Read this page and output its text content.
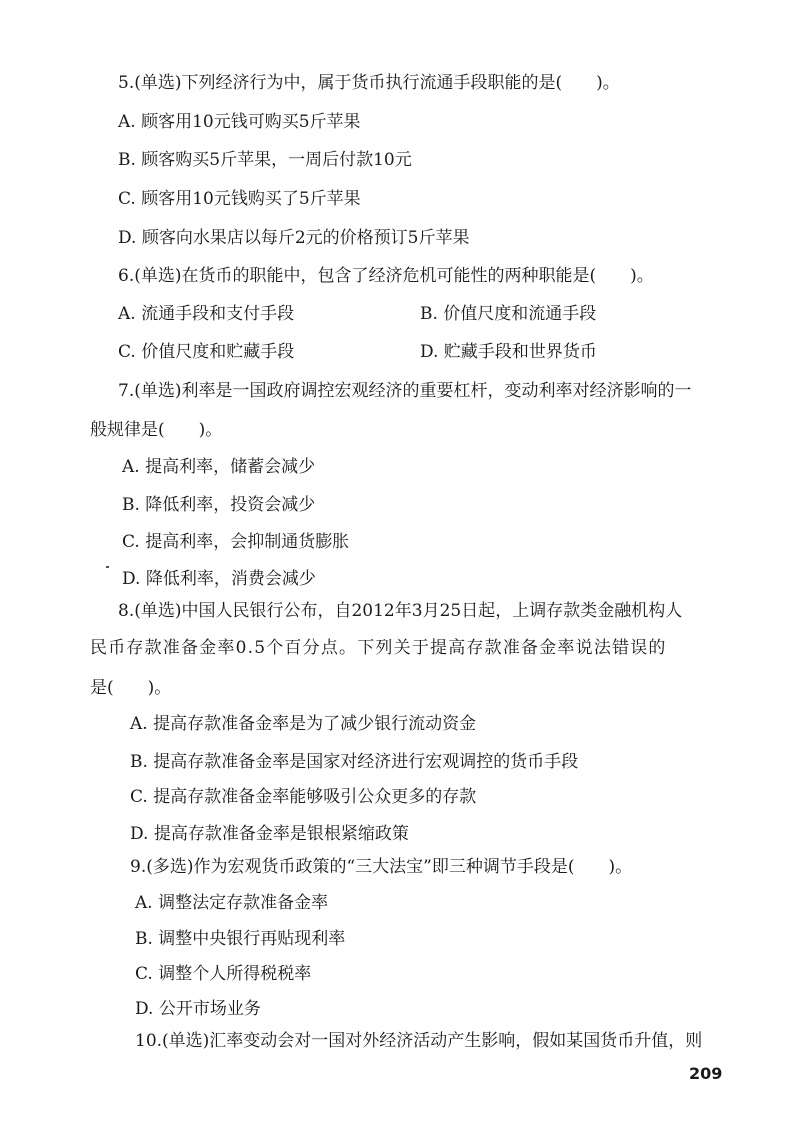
5.(单选)下列经济行为中，属于货币执行流通手段职能的是(　　)。
A. 顾客用10元钱可购买5斤苹果
B. 顾客购买5斤苹果，一周后付款10元
C. 顾客用10元钱购买了5斤苹果
D. 顾客向水果店以每斤2元的价格预订5斤苹果
6.(单选)在货币的职能中，包含了经济危机可能性的两种职能是(　　)。
A. 流通手段和支付手段	B. 价值尺度和流通手段
C. 价值尺度和贮藏手段	D. 贮藏手段和世界货币
7.(单选)利率是一国政府调控宏观经济的重要杠杆，变动利率对经济影响的一
般规律是(　　)。
A. 提高利率，储蓄会减少
B. 降低利率，投资会减少
C. 提高利率，会抑制通货膨胀
D. 降低利率，消费会减少
8.(单选)中国人民银行公布，自2012年3月25日起，上调存款类金融机构人
民币存款准备金率0.5个百分点。下列关于提高存款准备金率说法错误的
是(　　)。
A. 提高存款准备金率是为了减少银行流动资金
B. 提高存款准备金率是国家对经济进行宏观调控的货币手段
C. 提高存款准备金率能够吸引公众更多的存款
D. 提高存款准备金率是银根紧缩政策
9.(多选)作为宏观货币政策的“三大法宝”即三种调节手段是(　　)。
A. 调整法定存款准备金率
B. 调整中央银行再贴现利率
C. 调整个人所得税税率
D. 公开市场业务
10.(单选)汇率变动会对一国对外经济活动产生影响，假如某国货币升值，则
209
